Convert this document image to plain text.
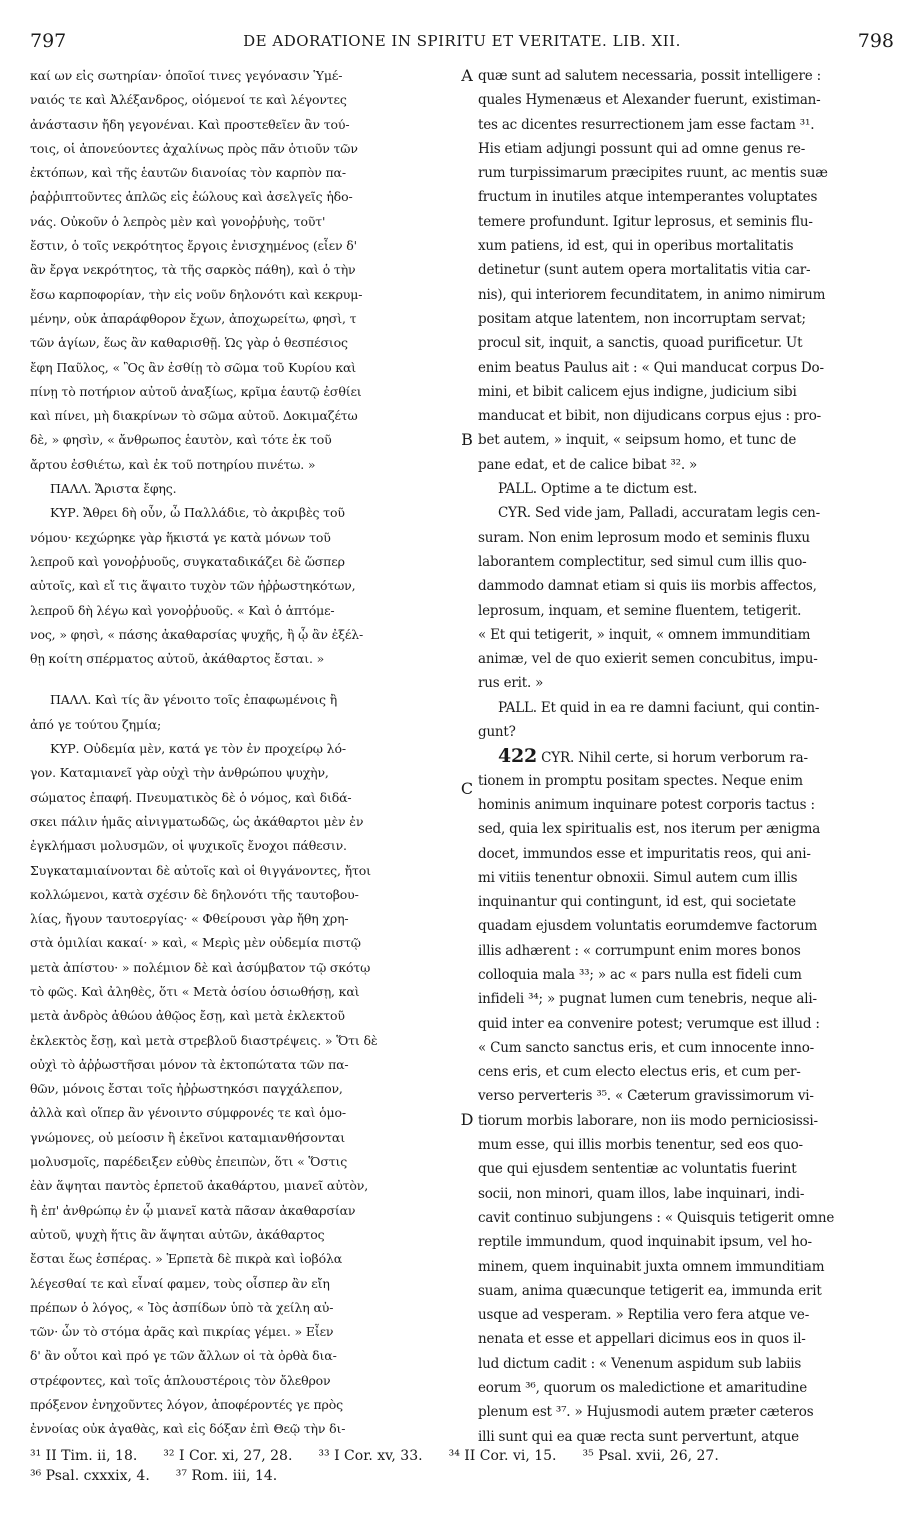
797	DE ADORATIONE IN SPIRITU ET VERITATE. LIB. XII.	798
καί ων εἰς σωτηρίαν· ὁποῖοί τινες γεγόνασιν Ὑμέ-
ναιός τε καὶ Ἀλέξανδρος, οἰόμενοί τε καὶ λέγοντες
ἀνάστασιν ἤδη γεγονέναι. Καὶ προστεθεῖεν ἂν τού-
τοις, οἱ ἀπονεύοντες ἀχαλίνως πρὸς πᾶν ὁτιοῦν τῶν
ἐκτόπων, καὶ τῆς ἑαυτῶν διανοίας τὸν καρπὸν πα-
ῥαῤῥιπτοῦντες ἁπλῶς εἰς ἐώλους καὶ ἀσελγεῖς ἡδο-
νάς. Οὐκοῦν ὁ λεπρὸς μὲν καὶ γονοῤῥυὴς, τοῦτ'
ἔστιν, ὁ τοῖς νεκρότητος ἔργοις ἐνισχημένος (εἶεν δ'
ἂν ἔργα νεκρότητος, τὰ τῆς σαρκὸς πάθη), καὶ ὁ τὴν
ἔσω καρποφορίαν, τὴν εἰς νοῦν δηλονότι καὶ κεκρυμ-
μένην, οὐκ ἀπαράφθορον ἔχων, ἀποχωρείτω, φησὶ, τ
τῶν ἁγίων, ἕως ἂν καθαρισθῇ. Ὡς γὰρ ὁ θεσπέσιος
ἔφη Παῦλος, « Ὃς ἂν ἐσθίῃ τὸ σῶμα τοῦ Κυρίου καὶ
πίνῃ τὸ ποτήριον αὐτοῦ ἀναξίως, κρῖμα ἑαυτῷ ἐσθίει
καὶ πίνει, μὴ διακρίνων τὸ σῶμα αὐτοῦ. Δοκιμαζέτω
δὲ, » φησὶν, « ἄνθρωπος ἑαυτὸν, καὶ τότε ἐκ τοῦ
ἄρτου ἐσθιέτω, καὶ ἐκ τοῦ ποτηρίου πινέτω. »
ΠΑΛΛ. Ἄριστα ἔφης.
ΚΥΡ. Ἄθρει δὴ οὖν, ὦ Παλλάδιε, τὸ ἀκριβὲς τοῦ
νόμου· κεχώρηκε γὰρ ἥκιστά γε κατὰ μόνων τοῦ
λεπροῦ καὶ γονοῤῥυοῦς, συγκαταδικάζει δὲ ὥσπερ
αὐτοῖς, καὶ εἴ τις ἅψαιτο τυχὸν τῶν ἠῤῥωστηκότων,
λεπροῦ δὴ λέγω καὶ γονοῤῥυοῦς. « Καὶ ὁ ἁπτόμε-
νος, » φησὶ, « πάσης ἀκαθαρσίας ψυχῆς, ἢ ᾧ ἂν ἐξέλ-
θῃ κοίτη σπέρματος αὐτοῦ, ἀκάθαρτος ἔσται. »
ΠΑΛΛ. Καὶ τίς ἂν γένοιτο τοῖς ἐπαφωμένοις ἢ
ἀπό γε τούτου ζημία;
ΚΥΡ. Οὐδεμία μὲν, κατά γε τὸν ἐν προχείρῳ λό-
γον. Καταμιανεῖ γὰρ οὐχὶ τὴν ἀνθρώπου ψυχὴν,
σώματος ἐπαφή. Πνευματικὸς δὲ ὁ νόμος, καὶ διδά-
σκει πάλιν ἡμᾶς αἰνιγματωδῶς, ὡς ἀκάθαρτοι μὲν ἐν
ἐγκλήμασι μολυσμῶν, οἱ ψυχικοῖς ἔνοχοι πάθεσιν.
Συγκαταμιαίνονται δὲ αὐτοῖς καὶ οἱ θιγγάνοντες, ἤτοι
κολλώμενοι, κατὰ σχέσιν δὲ δηλονότι τῆς ταυτοβου-
λίας, ἤγουν ταυτοεργίας· « Φθείρουσι γὰρ ἤθη χρη-
στὰ ὁμιλίαι κακαί· » καὶ, « Μερὶς μὲν οὐδεμία πιστῷ
μετὰ ἀπίστου· » πολέμιον δὲ καὶ ἀσύμβατον τῷ σκότῳ
τὸ φῶς. Καὶ ἀληθὲς, ὅτι « Μετὰ ὁσίου ὁσιωθήσῃ, καὶ
μετὰ ἀνδρὸς ἀθώου ἀθῷος ἔσῃ, καὶ μετὰ ἐκλεκτοῦ
ἐκλεκτὸς ἔσῃ, καὶ μετὰ στρεβλοῦ διαστρέψεις. » Ὅτι δὲ
οὐχὶ τὸ ἀῤῥωστῆσαι μόνον τὰ ἐκτοπώτατα τῶν πα-
θῶν, μόνοις ἔσται τοῖς ἠῤῥωστηκόσι παγχάλεπον,
ἀλλὰ καὶ οἵπερ ἂν γένοιντο σύμφρονές τε καὶ ὁμο-
γνώμονες, οὐ μείοσιν ἢ ἐκεῖνοι καταμιανθήσονται
μολυσμοῖς, παρέδειξεν εὐθὺς ἐπειπὼν, ὅτι « Ὅστις
ἐὰν ἅψηται παντὸς ἑρπετοῦ ἀκαθάρτου, μιανεῖ αὐτὸν,
ἢ ἐπ' ἀνθρώπῳ ἐν ᾧ μιανεῖ κατὰ πᾶσαν ἀκαθαρσίαν
αὐτοῦ, ψυχὴ ἥτις ἂν ἅψηται αὐτῶν, ἀκάθαρτος
ἔσται ἕως ἑσπέρας. » Ἑρπετὰ δὲ πικρὰ καὶ ἰοβόλα
λέγεσθαί τε καὶ εἶναί φαμεν, τοὺς οἷσπερ ἂν εἴη
πρέπων ὁ λόγος, « Ἰὸς ἀσπίδων ὑπὸ τὰ χείλη αὐ-
τῶν· ὧν τὸ στόμα ἀρᾶς καὶ πικρίας γέμει. » Εἶεν
δ' ἂν οὗτοι καὶ πρό γε τῶν ἄλλων οἱ τὰ ὀρθὰ δια-
στρέφοντες, καὶ τοῖς ἁπλουστέροις τὸν ὄλεθρον
πρόξενον ἐνηχοῦντες λόγον, ἀποφέροντές γε πρὸς
ἐννοίας οὐκ ἀγαθὰς, καὶ εἰς δόξαν ἐπὶ Θεῷ τὴν δι-
A
B
C
D
quæ sunt ad salutem necessaria, possit intelligere :
quales Hymenæus et Alexander fuerunt, existiman-
tes ac dicentes resurrectionem jam esse factam ³¹.
His etiam adjungi possunt qui ad omne genus re-
rum turpissimarum præcipites ruunt, ac mentis suæ
fructum in inutiles atque intemperantes voluptates
temere profundunt. Igitur leprosus, et seminis flu-
xum patiens, id est, qui in operibus mortalitatis
detinetur (sunt autem opera mortalitatis vitia car-
nis), qui interiorem fecunditatem, in animo nimirum
positam atque latentem, non incorruptam servat;
procul sit, inquit, a sanctis, quoad purificetur. Ut
enim beatus Paulus ait : « Qui manducat corpus Do-
mini, et bibit calicem ejus indigne, judicium sibi
manducat et bibit, non dijudicans corpus ejus : pro-
bet autem, » inquit, « seipsum homo, et tunc de
pane edat, et de calice bibat ³². »
PALL. Optime a te dictum est.
CYR. Sed vide jam, Palladi, accuratam legis cen-
suram. Non enim leprosum modo et seminis fluxu
laborantem complectitur, sed simul cum illis quo-
dammodo damnat etiam si quis iis morbis affectos,
leprosum, inquam, et semine fluentem, tetigerit.
« Et qui tetigerit, » inquit, « omnem immunditiam
animæ, vel de quo exierit semen concubitus, impu-
rus erit. »
PALL. Et quid in ea re damni faciunt, qui contin-
gunt?
422 CYR. Nihil certe, si horum verborum ra-
tionem in promptu positam spectes. Neque enim
hominis animum inquinare potest corporis tactus :
sed, quia lex spiritualis est, nos iterum per ænigma
docet, immundos esse et impuritatis reos, qui ani-
mi vitiis tenentur obnoxii. Simul autem cum illis
inquinantur qui contingunt, id est, qui societate
quadam ejusdem voluntatis eorumdemve factorum
illis adhærent : « corrumpunt enim mores bonos
colloquia mala ³³; » ac « pars nulla est fideli cum
infideli ³⁴; » pugnat lumen cum tenebris, neque ali-
quid inter ea convenire potest; verumque est illud :
« Cum sancto sanctus eris, et cum innocente inno-
cens eris, et cum electo electus eris, et cum per-
verso perverteris ³⁵. « Cæterum gravissimorum vi-
tiorum morbis laborare, non iis modo perniciosissi-
mum esse, qui illis morbis tenentur, sed eos quo-
que qui ejusdem sententiæ ac voluntatis fuerint
socii, non minori, quam illos, labe inquinari, indi-
cavit continuo subjungens : « Quisquis tetigerit omne
reptile immundum, quod inquinabit ipsum, vel ho-
minem, quem inquinabit juxta omnem immunditiam
suam, anima quæcunque tetigerit ea, immunda erit
usque ad vesperam. » Reptilia vero fera atque ve-
nenata et esse et appellari dicimus eos in quos il-
lud dictum cadit : « Venenum aspidum sub labiis
eorum ³⁶, quorum os maledictione et amaritudine
plenum est ³⁷. » Hujusmodi autem præter cæteros
illi sunt qui ea quæ recta sunt pervertunt, atque
³¹ II Tim. ii, 18. ³² I Cor. xi, 27, 28. ³³ I Cor. xv, 33. ³⁴ II Cor. vi, 15. ³⁵ Psal. xvii, 26, 27.
³⁶ Psal. cxxxix, 4. ³⁷ Rom. iii, 14.
